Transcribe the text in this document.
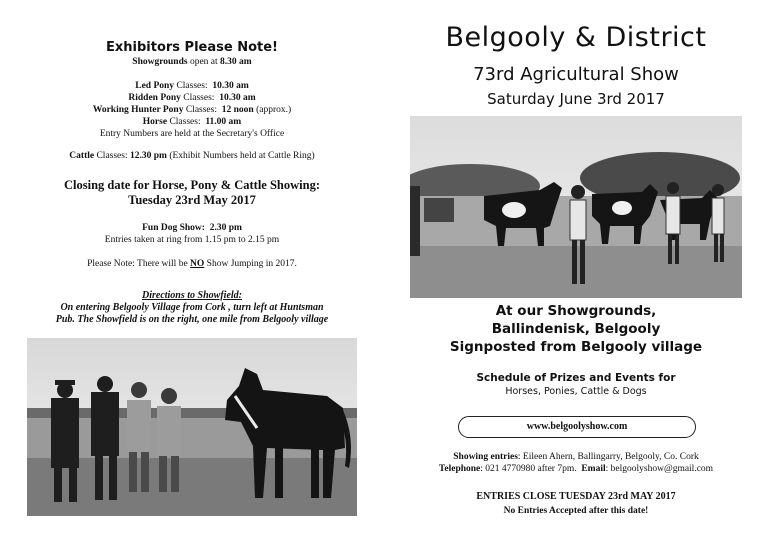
Exhibitors Please Note!
Showgrounds open at 8.30 am
Led Pony Classes: 10.30 am
Ridden Pony Classes: 10.30 am
Working Hunter Pony Classes: 12 noon (approx.)
Horse Classes: 11.00 am
Entry Numbers are held at the Secretary's Office
Cattle Classes: 12.30 pm (Exhibit Numbers held at Cattle Ring)
Closing date for Horse, Pony & Cattle Showing:
Tuesday 23rd May 2017
Fun Dog Show: 2.30 pm
Entries taken at ring from 1.15 pm to 2.15 pm
Please Note: There will be NO Show Jumping in 2017.
Directions to Showfield:
On entering Belgooly Village from Cork , turn left at Huntsman
Pub. The Showfield is on the right, one mile from Belgooly village
Belgooly & District
73rd Agricultural Show
Saturday June 3rd 2017
At our Showgrounds,
Ballindenisk, Belgooly
Signposted from Belgooly village
Schedule of Prizes and Events for
Horses, Ponies, Cattle & Dogs
www.belgoolyshow.com
Showing entries: Eileen Ahern, Ballingarry, Belgooly, Co. Cork
Telephone: 021 4770980 after 7pm. Email: belgoolyshow@gmail.com
ENTRIES CLOSE TUESDAY 23rd MAY 2017
No Entries Accepted after this date!
